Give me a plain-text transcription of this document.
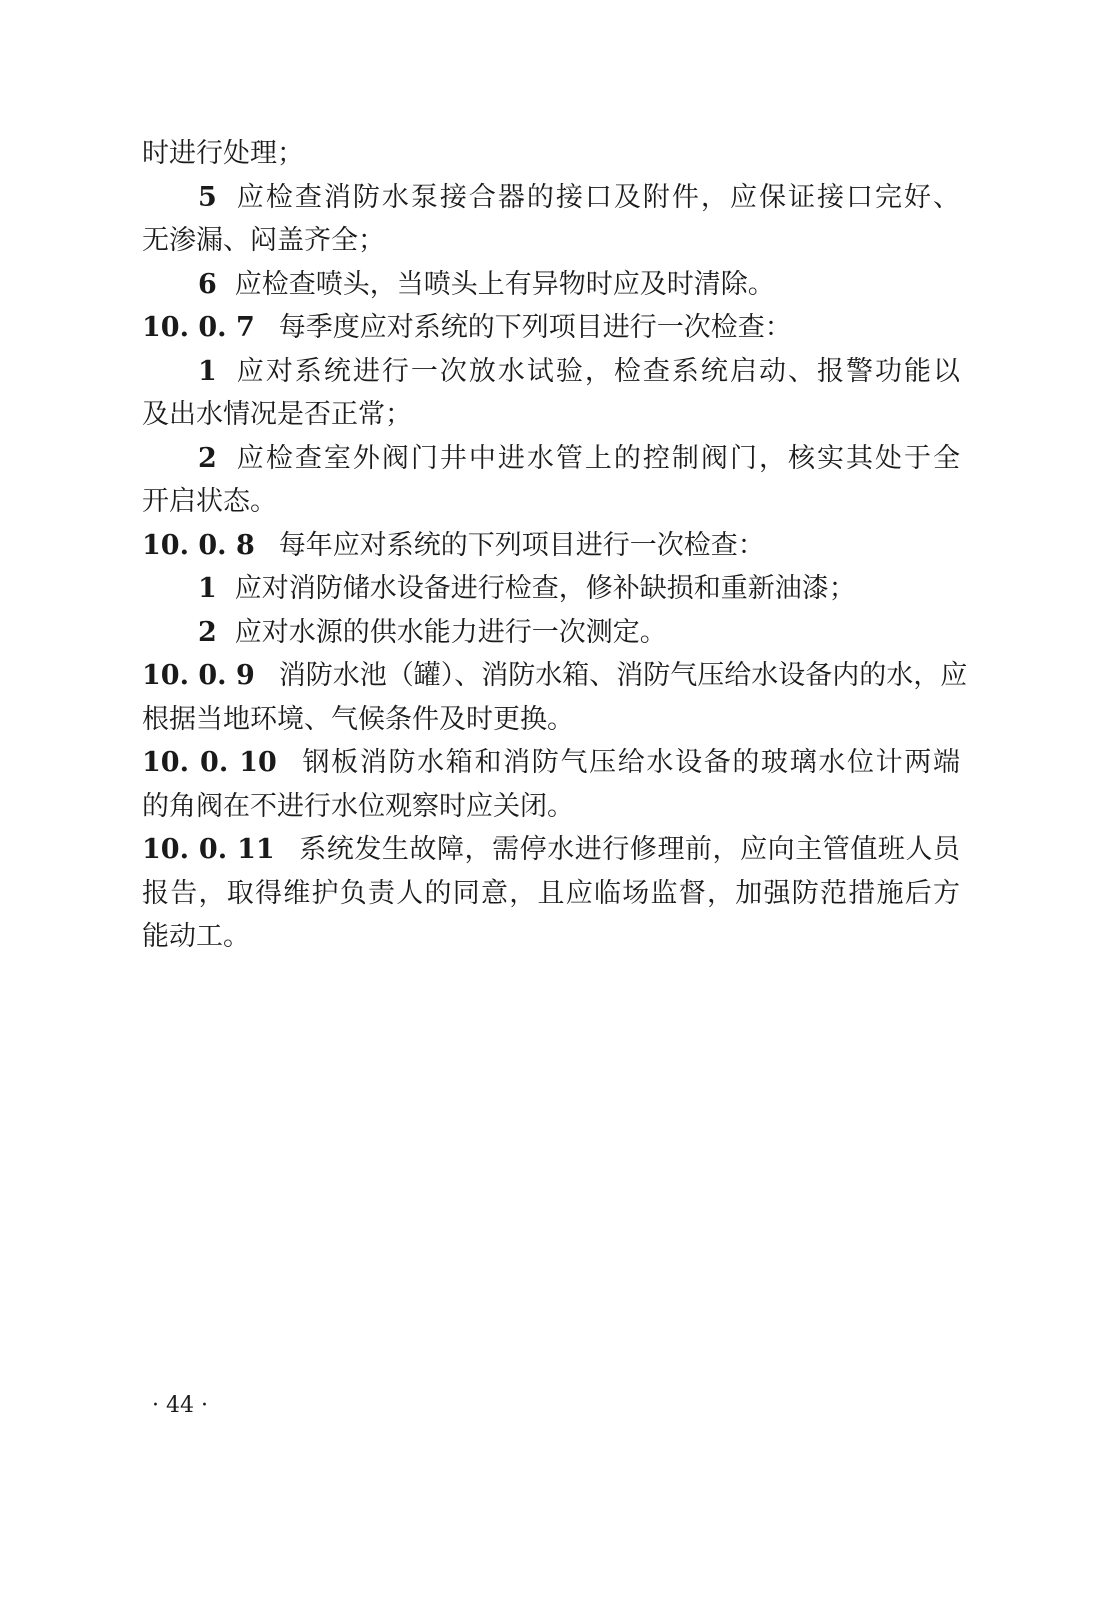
时进行处理；
5 应检查消防水泵接合器的接口及附件，应保证接口完好、
无渗漏、闷盖齐全；
6 应检查喷头，当喷头上有异物时应及时清除。
10. 0. 7 每季度应对系统的下列项目进行一次检查：
1 应对系统进行一次放水试验，检查系统启动、报警功能以
及出水情况是否正常；
2 应检查室外阀门井中进水管上的控制阀门，核实其处于全
开启状态。
10. 0. 8 每年应对系统的下列项目进行一次检查：
1 应对消防储水设备进行检查，修补缺损和重新油漆；
2 应对水源的供水能力进行一次测定。
10. 0. 9 消防水池（罐）、消防水箱、消防气压给水设备内的水，应
根据当地环境、气候条件及时更换。
10. 0. 10 钢板消防水箱和消防气压给水设备的玻璃水位计两端
的角阀在不进行水位观察时应关闭。
10. 0. 11 系统发生故障，需停水进行修理前，应向主管值班人员
报告，取得维护负责人的同意，且应临场监督，加强防范措施后方
能动工。
· 44 ·
